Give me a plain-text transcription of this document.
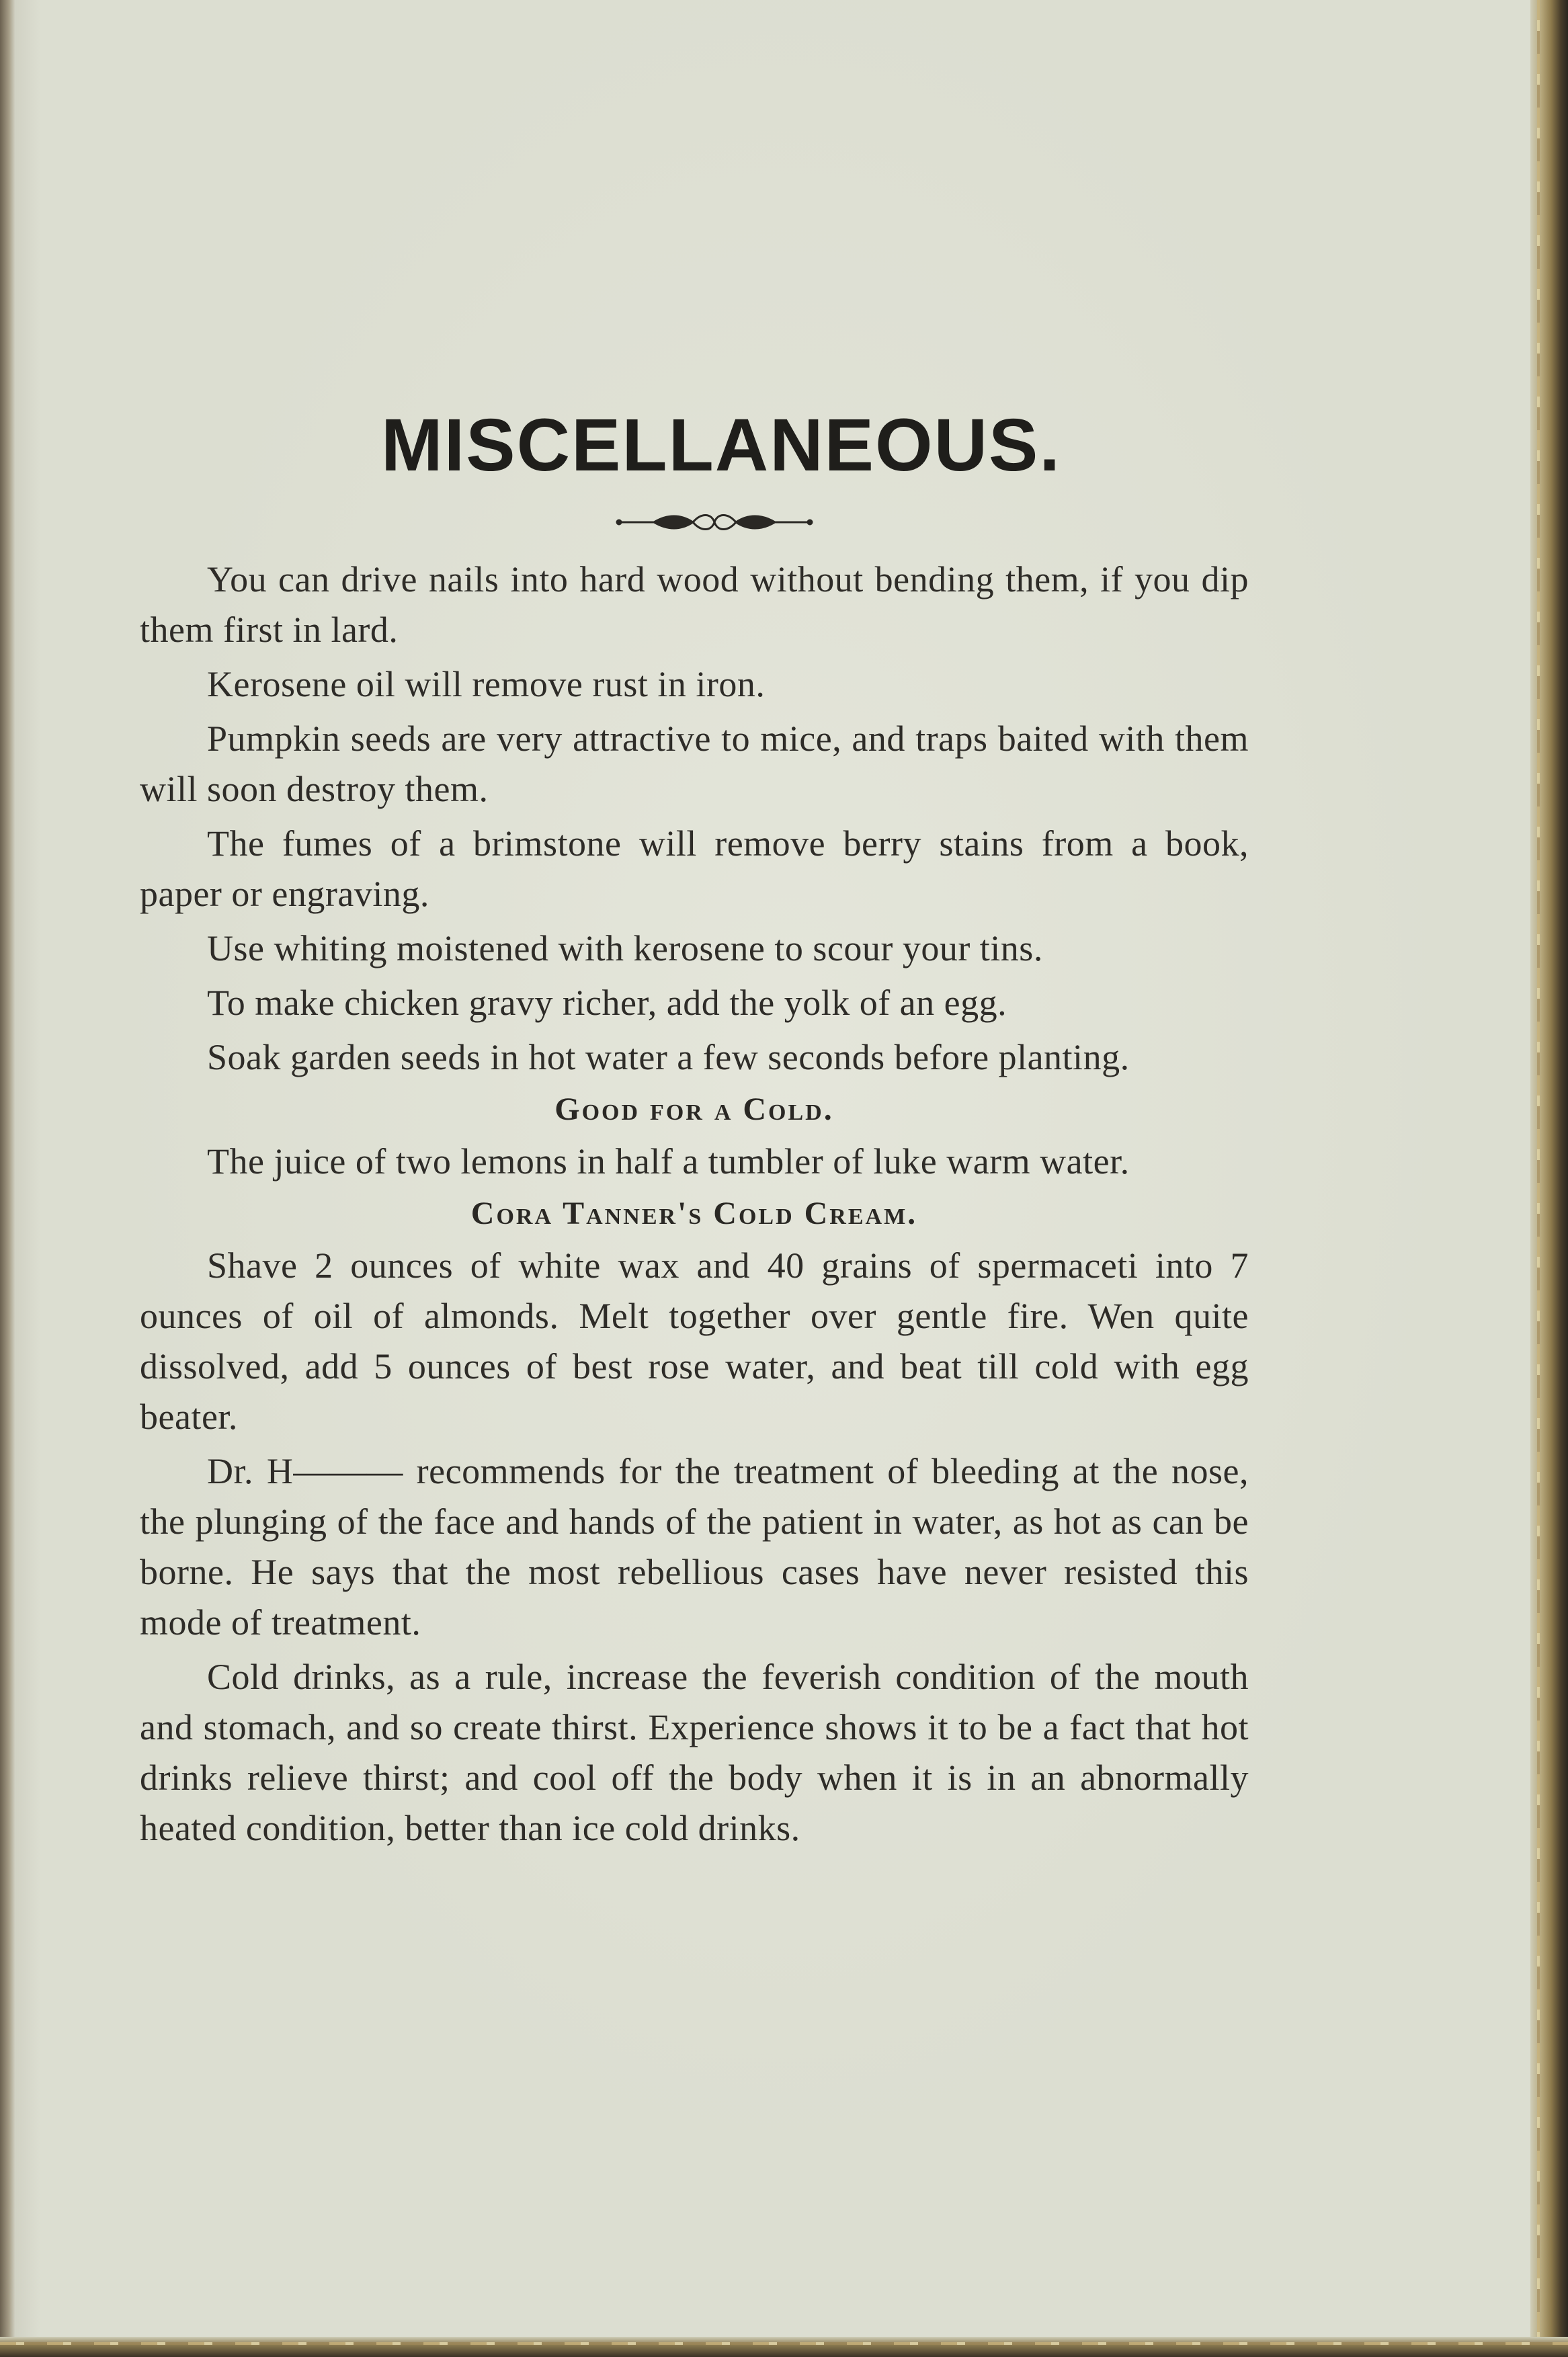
MISCELLANEOUS.

You can drive nails into hard wood without bending them, if you dip them first in lard.

Kerosene oil will remove rust in iron.

Pumpkin seeds are very attractive to mice, and traps baited with them will soon destroy them.

The fumes of a brimstone will remove berry stains from a book, paper or engraving.

Use whiting moistened with kerosene to scour your tins.

To make chicken gravy richer, add the yolk of an egg.

Soak garden seeds in hot water a few seconds before planting.

Good for a Cold.

The juice of two lemons in half a tumbler of luke warm water.

Cora Tanner's Cold Cream.

Shave 2 ounces of white wax and 40 grains of spermaceti into 7 ounces of oil of almonds. Melt together over gentle fire. Wen quite dissolved, add 5 ounces of best rose water, and beat till cold with egg beater.

Dr. H——— recommends for the treatment of bleeding at the nose, the plunging of the face and hands of the patient in water, as hot as can be borne. He says that the most rebellious cases have never resisted this mode of treatment.

Cold drinks, as a rule, increase the feverish condition of the mouth and stomach, and so create thirst. Experience shows it to be a fact that hot drinks relieve thirst; and cool off the body when it is in an abnormally heated condition, better than ice cold drinks.
